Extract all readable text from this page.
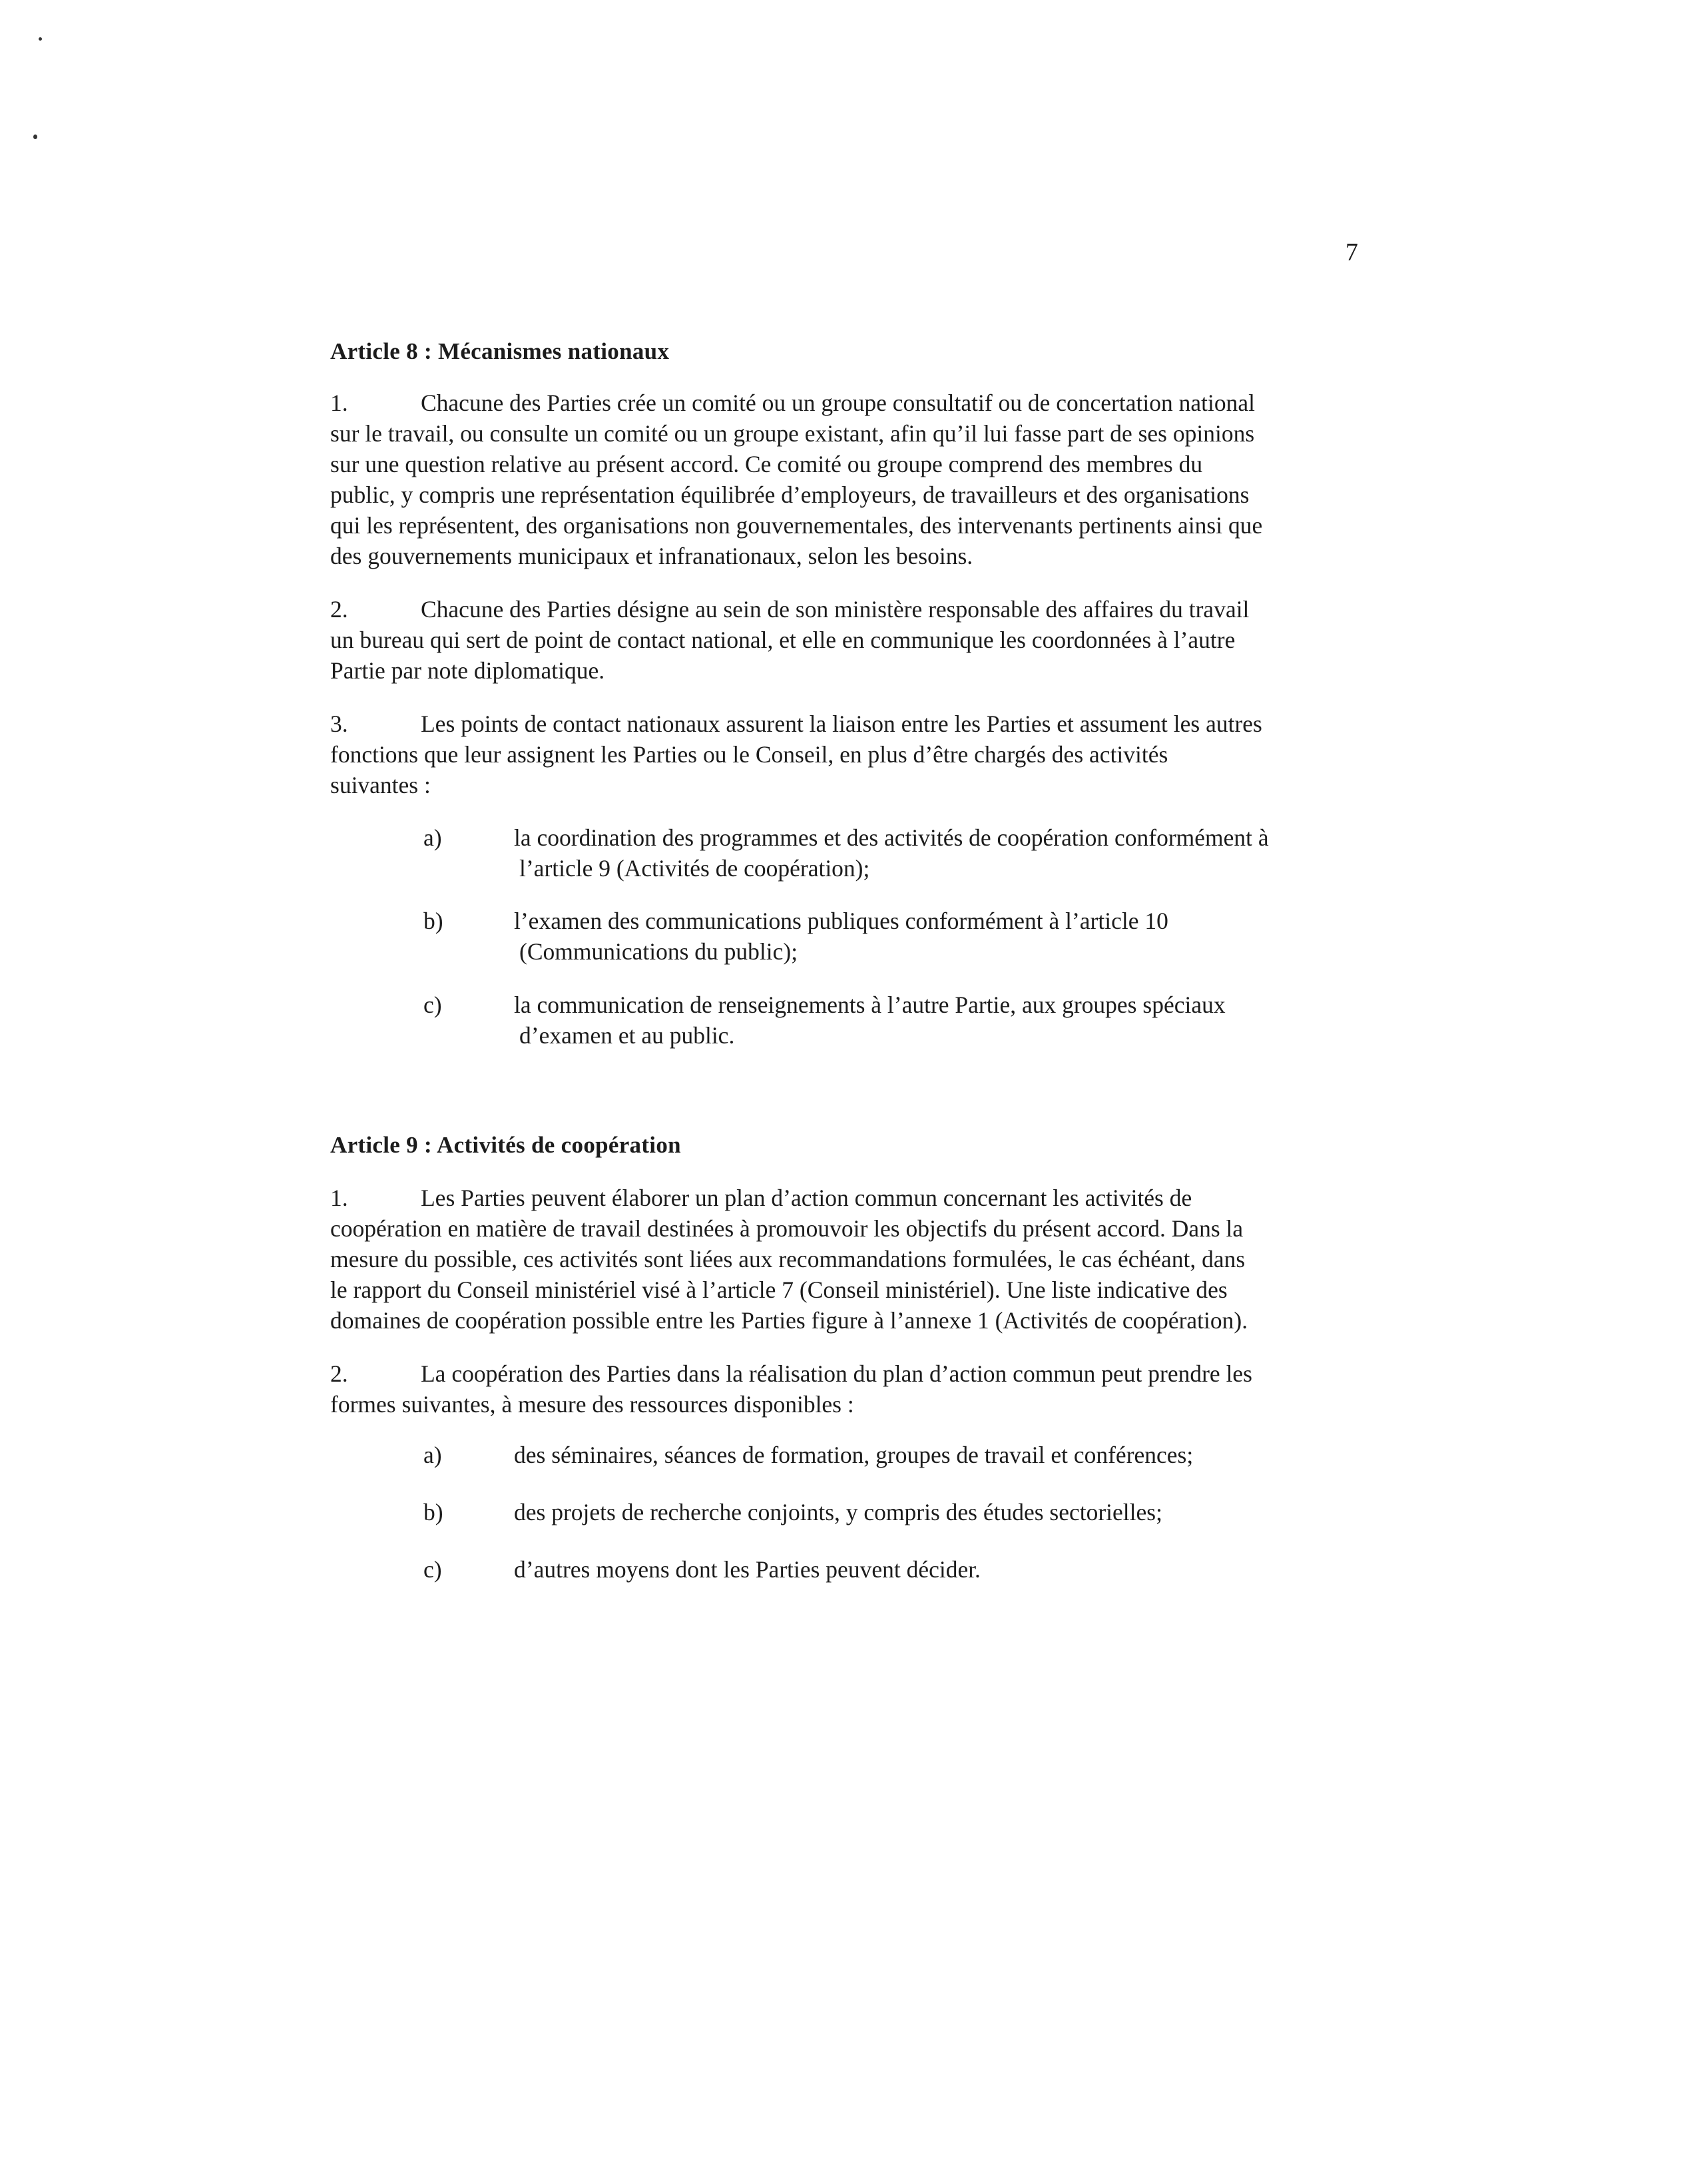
7
Article 8 : Mécanismes nationaux
1.	Chacune des Parties crée un comité ou un groupe consultatif ou de concertation national
sur le travail, ou consulte un comité ou un groupe existant, afin qu’il lui fasse part de ses opinions
sur une question relative au présent accord. Ce comité ou groupe comprend des membres du
public, y compris une représentation équilibrée d’employeurs, de travailleurs et des organisations
qui les représentent, des organisations non gouvernementales, des intervenants pertinents ainsi que
des gouvernements municipaux et infranationaux, selon les besoins.
2.	Chacune des Parties désigne au sein de son ministère responsable des affaires du travail
un bureau qui sert de point de contact national, et elle en communique les coordonnées à l’autre
Partie par note diplomatique.
3.	Les points de contact nationaux assurent la liaison entre les Parties et assument les autres
fonctions que leur assignent les Parties ou le Conseil, en plus d’être chargés des activités
suivantes :
a)	la coordination des programmes et des activités de coopération conformément à
l’article 9 (Activités de coopération);
b)	l’examen des communications publiques conformément à l’article 10
(Communications du public);
c)	la communication de renseignements à l’autre Partie, aux groupes spéciaux
d’examen et au public.
Article 9 : Activités de coopération
1.	Les Parties peuvent élaborer un plan d’action commun concernant les activités de
coopération en matière de travail destinées à promouvoir les objectifs du présent accord. Dans la
mesure du possible, ces activités sont liées aux recommandations formulées, le cas échéant, dans
le rapport du Conseil ministériel visé à l’article 7 (Conseil ministériel). Une liste indicative des
domaines de coopération possible entre les Parties figure à l’annexe 1 (Activités de coopération).
2.	La coopération des Parties dans la réalisation du plan d’action commun peut prendre les
formes suivantes, à mesure des ressources disponibles :
a)	des séminaires, séances de formation, groupes de travail et conférences;
b)	des projets de recherche conjoints, y compris des études sectorielles;
c)	d’autres moyens dont les Parties peuvent décider.
